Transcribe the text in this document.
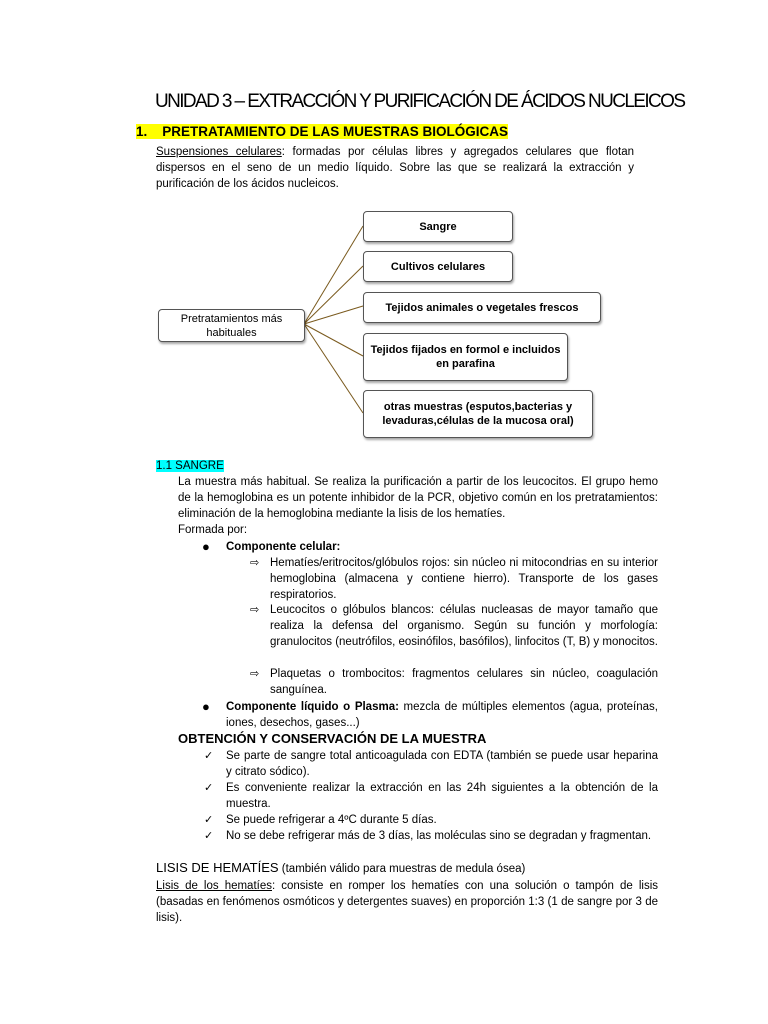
UNIDAD 3 – EXTRACCIÓN Y PURIFICACIÓN DE ÁCIDOS NUCLEICOS
1. PRETRATAMIENTO DE LAS MUESTRAS BIOLÓGICAS
Suspensiones celulares: formadas por células libres y agregados celulares que flotan dispersos en el seno de un medio líquido. Sobre las que se realizará la extracción y purificación de los ácidos nucleicos.
Pretratamientos más habituales
Sangre
Cultivos celulares
Tejidos animales o vegetales frescos
Tejidos fijados en formol e incluidos en parafina
otras muestras (esputos,bacterias y levaduras,células de la mucosa oral)
1.1 SANGRE
La muestra más habitual. Se realiza la purificación a partir de los leucocitos. El grupo hemo de la hemoglobina es un potente inhibidor de la PCR, objetivo común en los pretratamientos: eliminación de la hemoglobina mediante la lisis de los hematíes.
Formada por:
● Componente celular:
⇨ Hematíes/eritrocitos/glóbulos rojos: sin núcleo ni mitocondrias en su interior hemoglobina (almacena y contiene hierro). Transporte de los gases respiratorios.
⇨ Leucocitos o glóbulos blancos: células nucleasas de mayor tamaño que realiza la defensa del organismo. Según su función y morfología: granulocitos (neutrófilos, eosinófilos, basófilos), linfocitos (T, B) y monocitos.
⇨ Plaquetas o trombocitos: fragmentos celulares sin núcleo, coagulación sanguínea.
● Componente líquido o Plasma: mezcla de múltiples elementos (agua, proteínas, iones, desechos, gases...)
OBTENCIÓN Y CONSERVACIÓN DE LA MUESTRA
✓ Se parte de sangre total anticoagulada con EDTA (también se puede usar heparina y citrato sódico).
✓ Es conveniente realizar la extracción en las 24h siguientes a la obtención de la muestra.
✓ Se puede refrigerar a 4ºC durante 5 días.
✓ No se debe refrigerar más de 3 días, las moléculas sino se degradan y fragmentan.
LISIS DE HEMATÍES (también válido para muestras de medula ósea)
Lisis de los hematíes: consiste en romper los hematíes con una solución o tampón de lisis (basadas en fenómenos osmóticos y detergentes suaves) en proporción 1:3 (1 de sangre por 3 de lisis).
